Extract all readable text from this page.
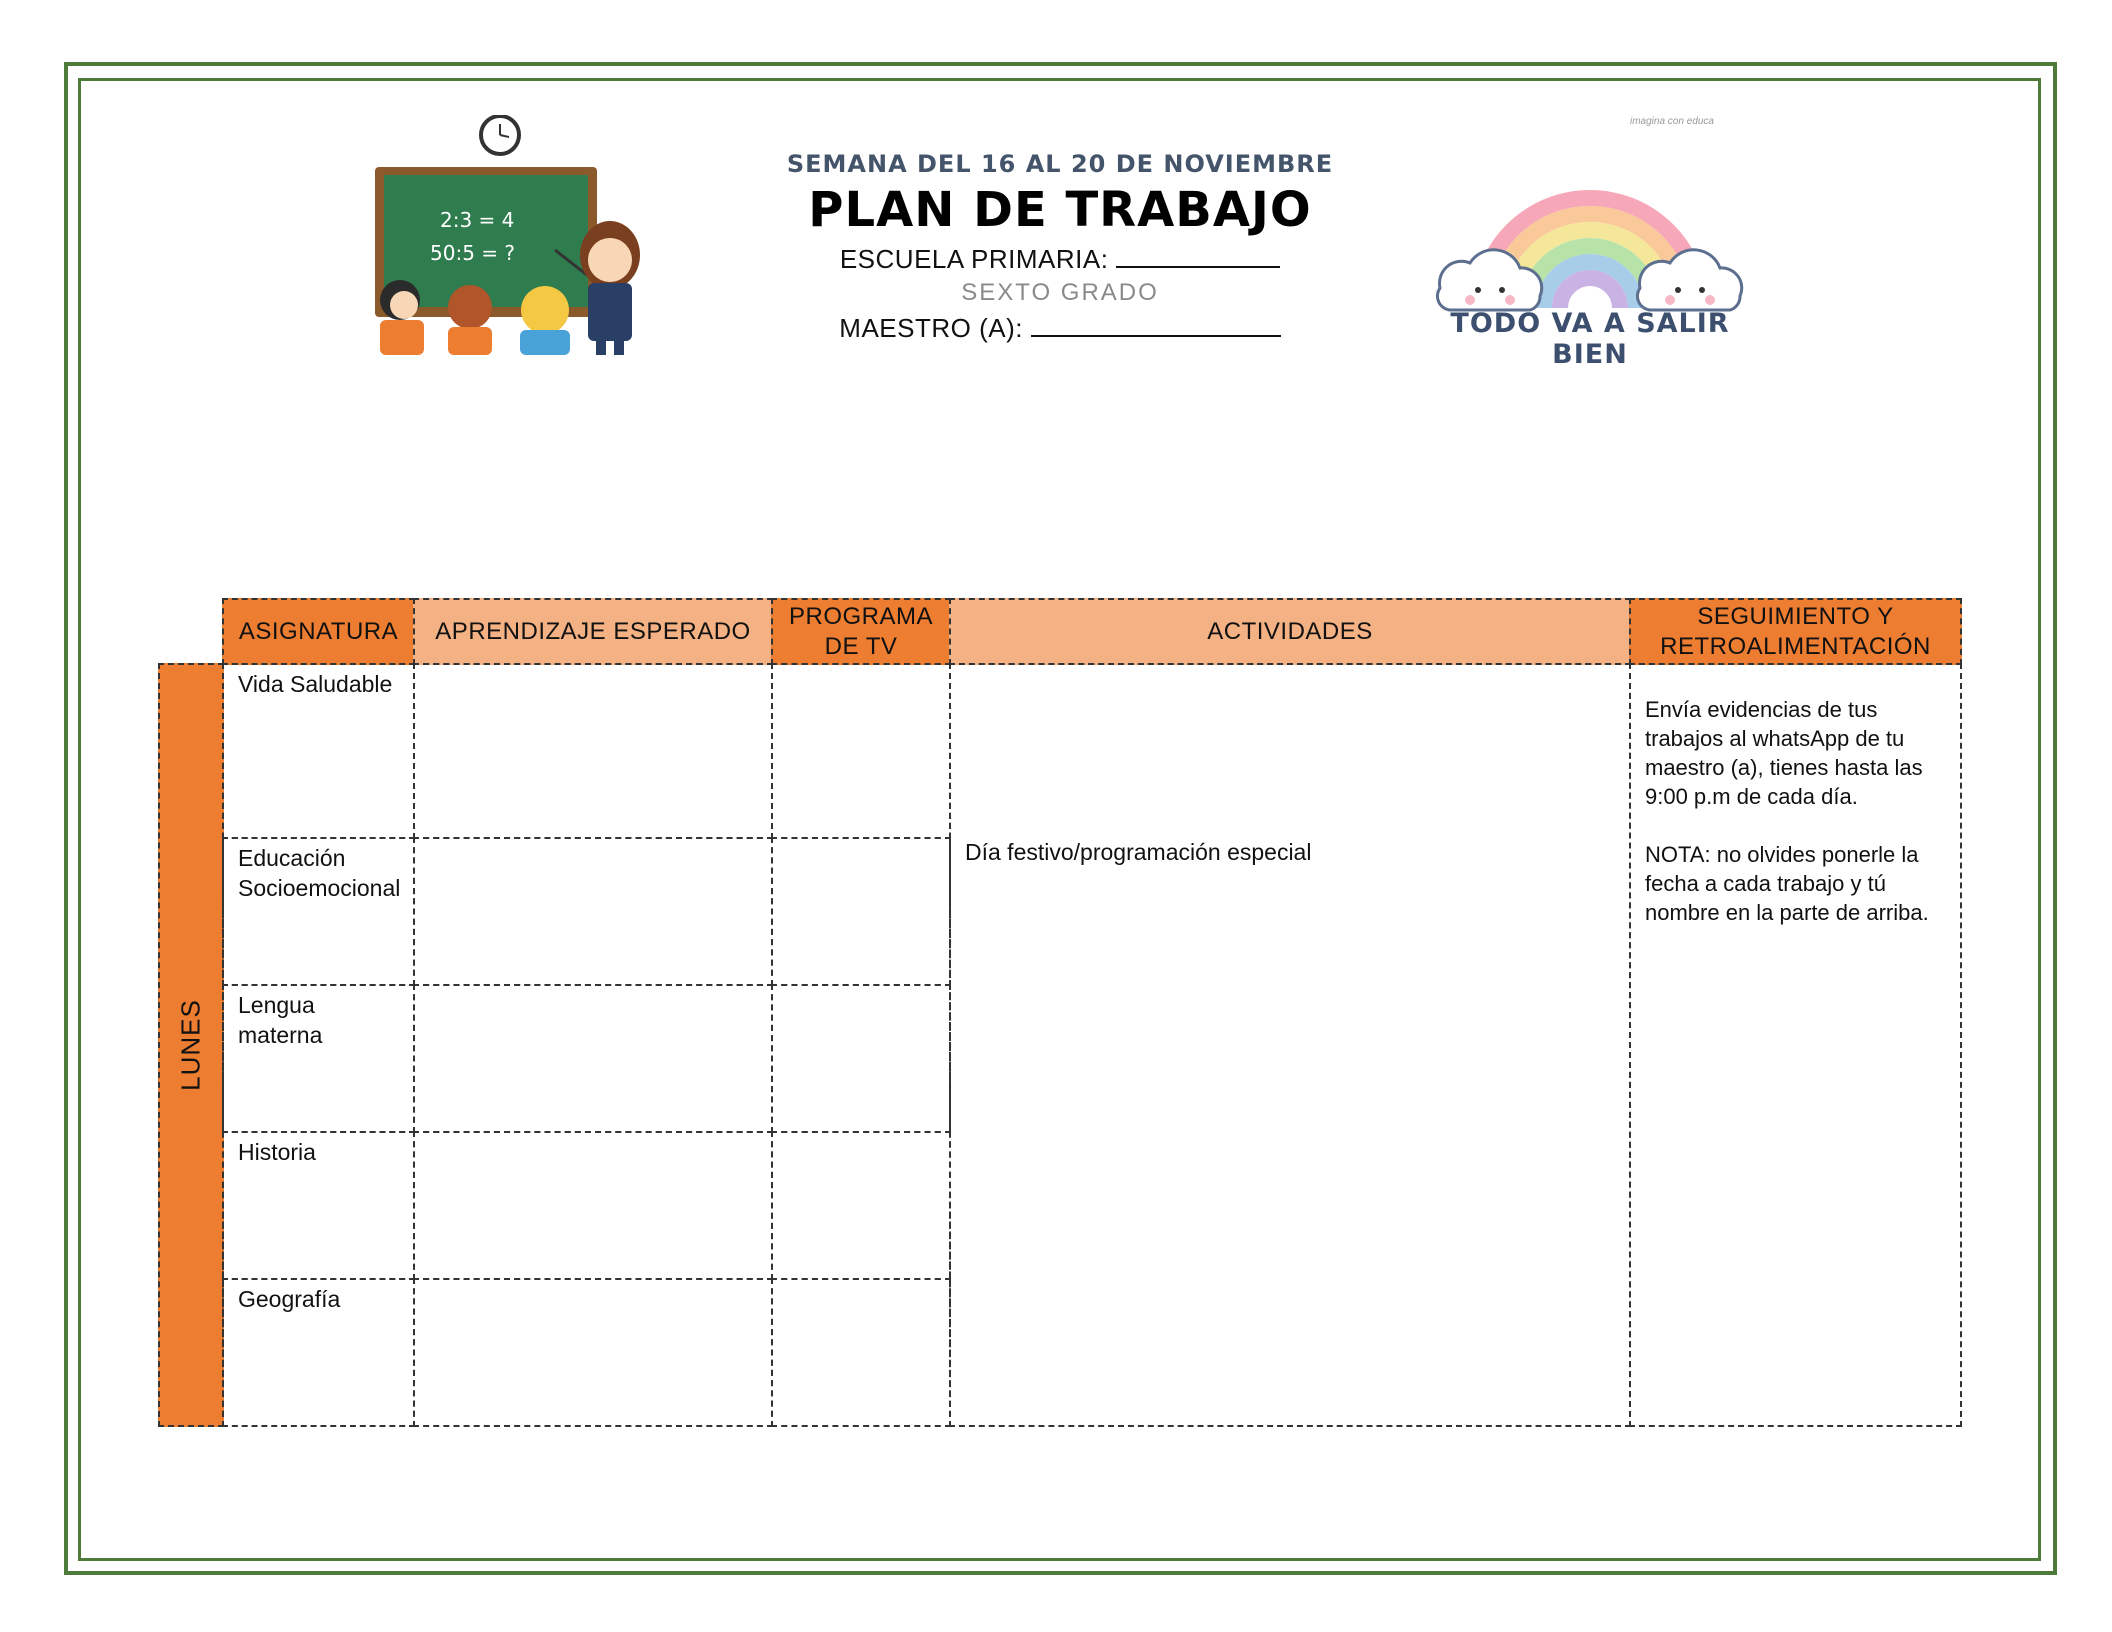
2:3 = 4
50:5 = ?
SEMANA DEL 16 AL 20 DE NOVIEMBRE
PLAN DE TRABAJO
ESCUELA PRIMARIA:
SEXTO GRADO
MAESTRO (A):
imagina con educa
TODO VA A SALIR BIEN
ASIGNATURA	APRENDIZAJE ESPERADO
PROGRAMA DE TV
ACTIVIDADES
SEGUIMIENTO Y RETROALIMENTACIÓN
LUNES
Vida Saludable
Educación Socioemocional
Lengua materna
Historia
Geografía
Día festivo/programación especial

Envía evidencias de tus trabajos al whatsApp de tu maestro (a), tienes hasta las 9:00 p.m de cada día.

NOTA: no olvides ponerle la fecha a cada trabajo y tú nombre en la parte de arriba.
